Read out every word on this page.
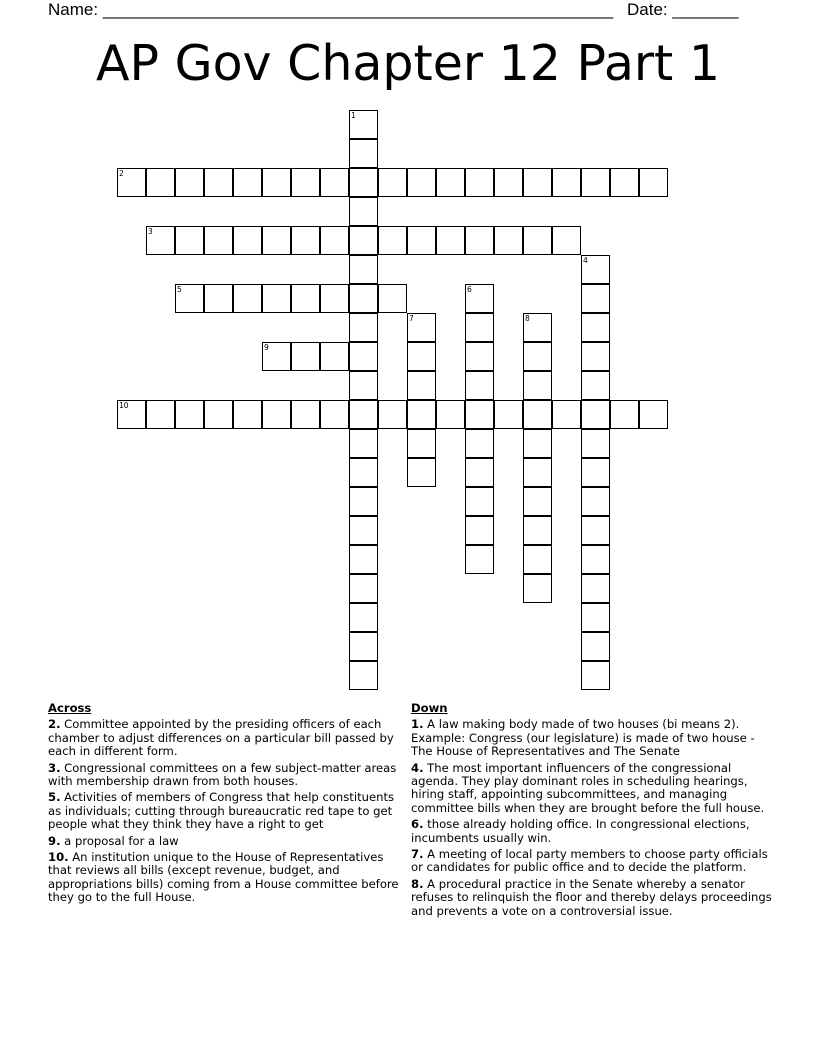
Name: ______________________________________________________ Date: _______
AP Gov Chapter 12 Part 1
1
2
3
4
5	6
7	8
9
10
Across
2. Committee appointed by the presiding officers of each chamber to adjust differences on a particular bill passed by each in different form.
3. Congressional committees on a few subject-matter areas with membership drawn from both houses.
5. Activities of members of Congress that help constituents as individuals; cutting through bureaucratic red tape to get people what they think they have a right to get
9. a proposal for a law
10. An institution unique to the House of Representatives that reviews all bills (except revenue, budget, and appropriations bills) coming from a House committee before they go to the full House.
Down
1. A law making body made of two houses (bi means 2). Example: Congress (our legislature) is made of two house - The House of Representatives and The Senate
4. The most important influencers of the congressional agenda. They play dominant roles in scheduling hearings, hiring staff, appointing subcommittees, and managing committee bills when they are brought before the full house.
6. those already holding office. In congressional elections, incumbents usually win.
7. A meeting of local party members to choose party officials or candidates for public office and to decide the platform.
8. A procedural practice in the Senate whereby a senator refuses to relinquish the floor and thereby delays proceedings and prevents a vote on a controversial issue.
